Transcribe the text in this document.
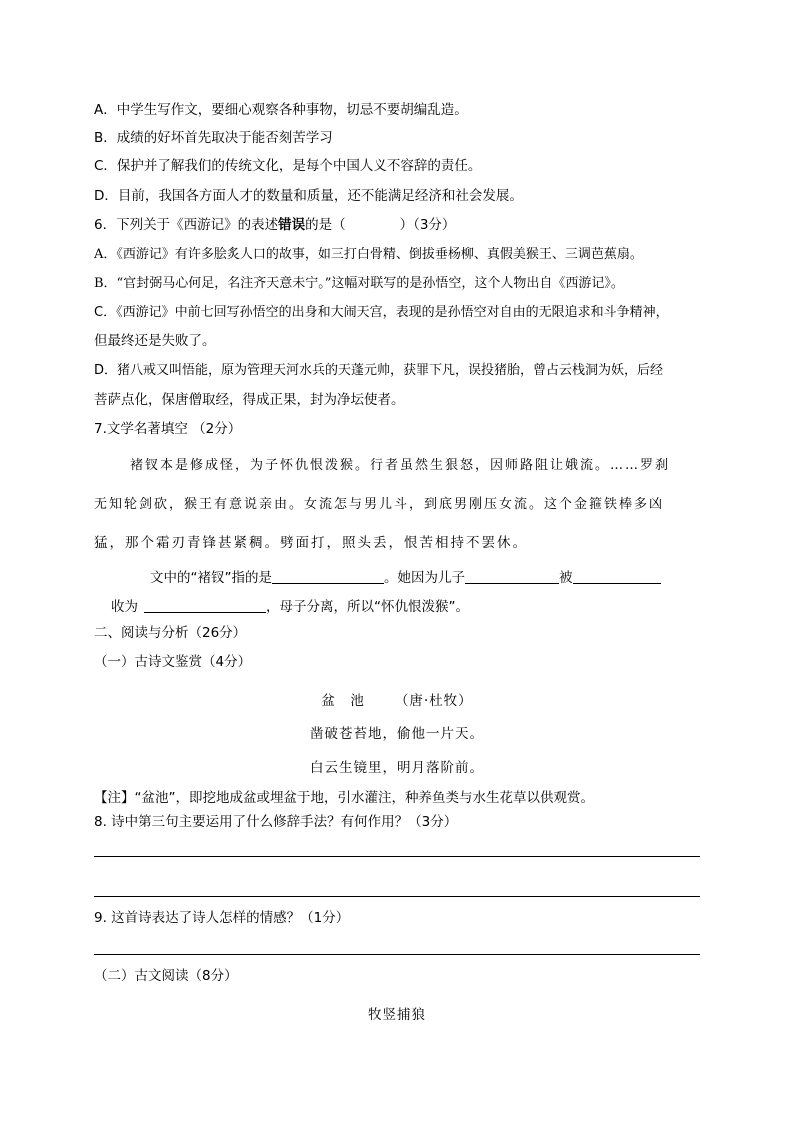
A．中学生写作文，要细心观察各种事物，切忌不要胡编乱造。
B．成绩的好坏首先取决于能否刻苦学习
C．保护并了解我们的传统文化，是每个中国人义不容辞的责任。
D．目前，我国各方面人才的数量和质量，还不能满足经济和社会发展。
6．下列关于《西游记》的表述错误的是（　　　　）（3分）
A．《西游记》有许多脍炙人口的故事，如三打白骨精、倒拔垂杨柳、真假美猴王、三调芭蕉扇。
B．“官封弼马心何足，名注齐天意未宁。”这幅对联写的是孙悟空，这个人物出自《西游记》。
C．《西游记》中前七回写孙悟空的出身和大闹天宫，表现的是孙悟空对自由的无限追求和斗争精神，
但最终还是失败了。
D．猪八戒又叫悟能，原为管理天河水兵的天蓬元帅，获罪下凡，误投猪胎，曾占云栈洞为妖，后经
菩萨点化，保唐僧取经，得成正果，封为净坛使者。
7.文学名著填空 （2分）
褚钗本是修成怪，为子怀仇恨泼猴。行者虽然生狠怒，因师路阻让娥流。……罗刹
无知轮剑砍，猴王有意说亲由。女流怎与男儿斗，到底男刚压女流。这个金箍铁棒多凶
猛，那个霜刃青锋甚紧稠。劈面打，照头丢，恨苦相持不罢休。
文中的“褚钗”指的是	。她因为儿子	被
收为	，母子分离，所以“怀仇恨泼猴”。
二、阅读与分析（26分）
（一）古诗文鉴赏（4分）
盆　池 （唐·杜牧）
凿破苍苔地，偷他一片天。
白云生镜里，明月落阶前。
【注】“盆池”，即挖地成盆或埋盆于地，引水灌注，种养鱼类与水生花草以供观赏。
8. 诗中第三句主要运用了什么修辞手法？有何作用？（3分）
9. 这首诗表达了诗人怎样的情感？（1分）
（二）古文阅读（8分）
牧竖捕狼
